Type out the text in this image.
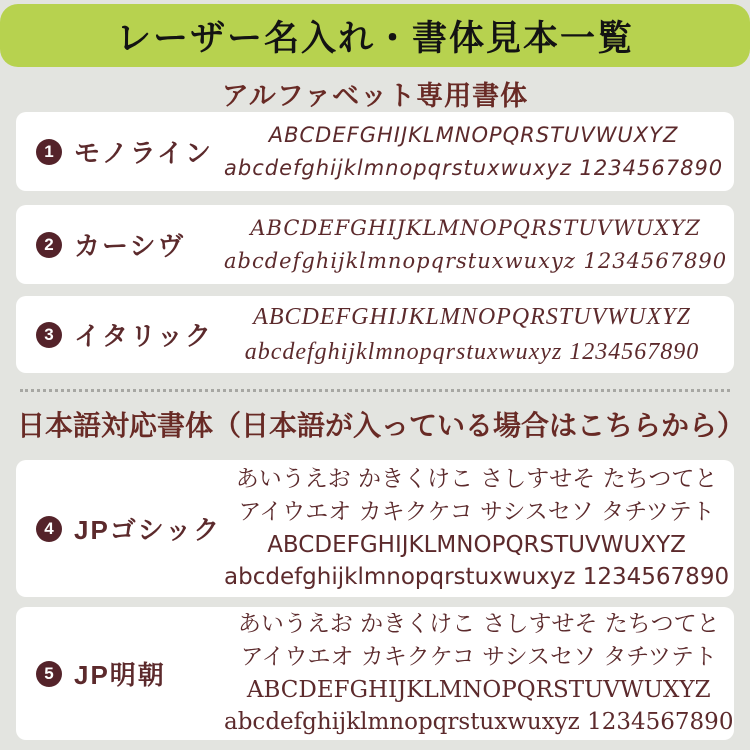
レーザー名入れ・書体見本一覧
アルファベット専用書体
1 モノライン
ABCDEFGHIJKLMNOPQRSTUVWUXYZ
abcdefghijklmnopqrstuxwuxyz 1234567890
2 カーシヴ
ABCDEFGHIJKLMNOPQRSTUVWUXYZ
abcdefghijklmnopqrstuxwuxyz 1234567890
3 イタリック
ABCDEFGHIJKLMNOPQRSTUVWUXYZ
abcdefghijklmnopqrstuxwuxyz 1234567890
日本語対応書体（日本語が入っている場合はこちらから）
4 JPゴシック
あいうえお かきくけこ さしすせそ たちつてと
アイウエオ カキクケコ サシスセソ タチツテト
ABCDEFGHIJKLMNOPQRSTUVWUXYZ
abcdefghijklmnopqrstuxwuxyz 1234567890
5 JP明朝
あいうえお かきくけこ さしすせそ たちつてと
アイウエオ カキクケコ サシスセソ タチツテト
ABCDEFGHIJKLMNOPQRSTUVWUXYZ
abcdefghijklmnopqrstuxwuxyz 1234567890
